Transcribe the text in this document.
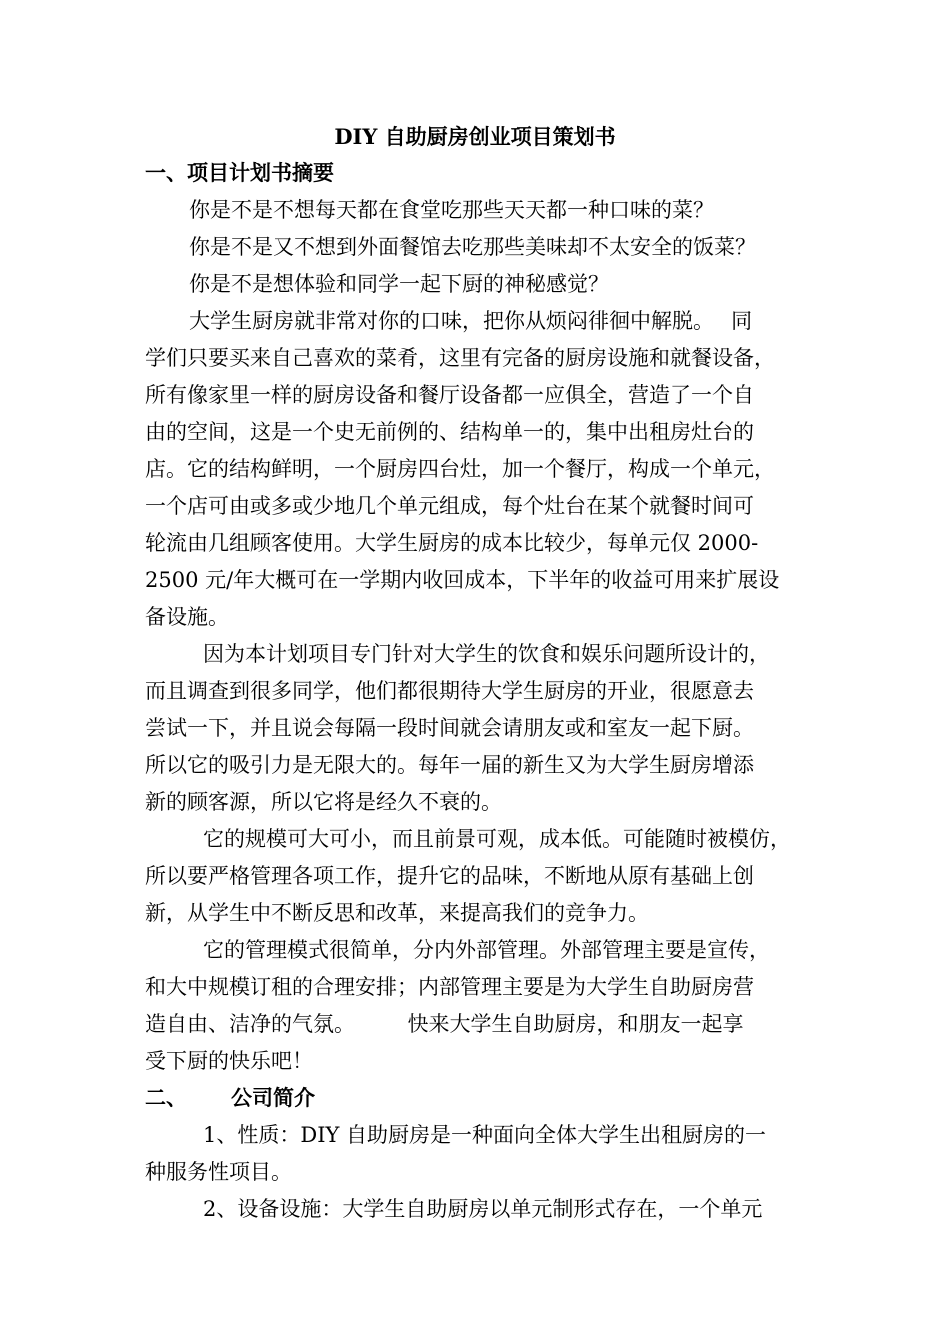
DIY 自助厨房创业项目策划书
一、项目计划书摘要
你是不是不想每天都在食堂吃那些天天都一种口味的菜？
你是不是又不想到外面餐馆去吃那些美味却不太安全的饭菜？
你是不是想体验和同学一起下厨的神秘感觉？
大学生厨房就非常对你的口味，把你从烦闷徘徊中解脱。　 同
学们只要买来自己喜欢的菜肴，这里有完备的厨房设施和就餐设备，
所有像家里一样的厨房设备和餐厅设备都一应俱全，营造了一个自
由的空间，这是一个史无前例的、结构单一的，集中出租房灶台的
店。它的结构鲜明，一个厨房四台灶，加一个餐厅，构成一个单元，
一个店可由或多或少地几个单元组成，每个灶台在某个就餐时间可
轮流由几组顾客使用。大学生厨房的成本比较少，每单元仅 2000-
2500 元/年大概可在一学期内收回成本，下半年的收益可用来扩展设
备设施。
因为本计划项目专门针对大学生的饮食和娱乐问题所设计的，
而且调查到很多同学，他们都很期待大学生厨房的开业，很愿意去
尝试一下，并且说会每隔一段时间就会请朋友或和室友一起下厨。
所以它的吸引力是无限大的。每年一届的新生又为大学生厨房增添
新的顾客源，所以它将是经久不衰的。
它的规模可大可小，而且前景可观，成本低。可能随时被模仿，
所以要严格管理各项工作，提升它的品味，不断地从原有基础上创
新，从学生中不断反思和改革，来提高我们的竞争力。
它的管理模式很简单，分内外部管理。外部管理主要是宣传，
和大中规模订租的合理安排；内部管理主要是为大学生自助厨房营
造自由、洁净的气氛。　　　快来大学生自助厨房，和朋友一起享
受下厨的快乐吧！
二、 公司简介
1、性质：DIY 自助厨房是一种面向全体大学生出租厨房的一
种服务性项目。
2、设备设施：大学生自助厨房以单元制形式存在，一个单元
